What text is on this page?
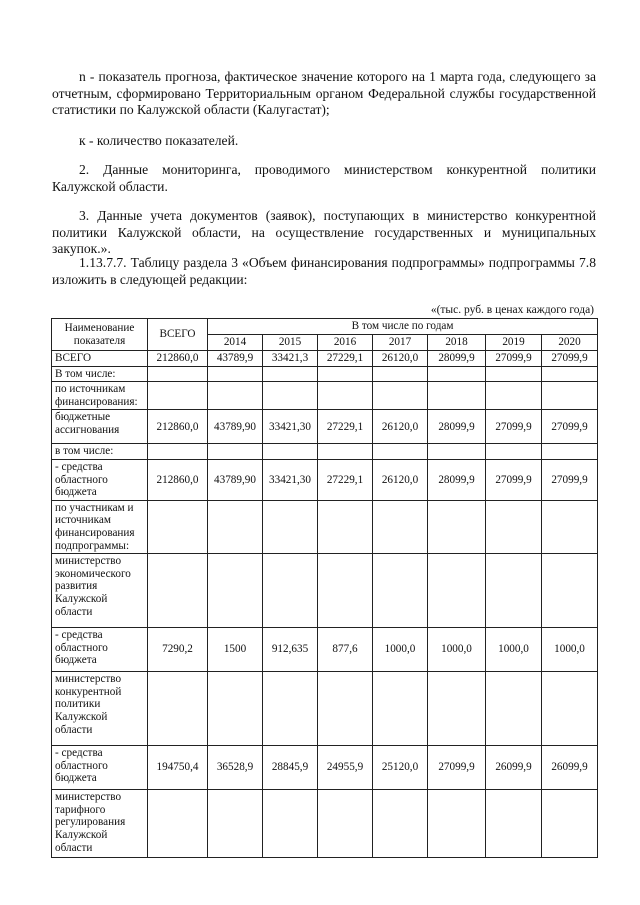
n - показатель прогноза, фактическое значение которого на 1 марта года, следующего за отчетным, сформировано Территориальным органом Федеральной службы государственной статистики по Калужской области (Калугастат);

к - количество показателей.

2. Данные мониторинга, проводимого министерством конкурентной политики Калужской области.

3. Данные учета документов (заявок), поступающих в министерство конкурентной политики Калужской области, на осуществление государственных и муниципальных закупок.».

1.13.7.7. Таблицу раздела 3 «Объем финансирования подпрограммы» подпрограммы 7.8 изложить в следующей редакции:

«(тыс. руб. в ценах каждого года)
Наименование показателя	ВСЕГО	В том числе по годам						
		2014	2015	2016	2017	2018	2019	2020
ВСЕГО	212860,0	43789,9	33421,3	27229,1	26120,0	28099,9	27099,9	27099,9
В том числе:								
по источникам финансирования:								
бюджетные ассигнования	212860,0	43789,90	33421,30	27229,1	26120,0	28099,9	27099,9	27099,9
в том числе:								
- средства областного бюджета	212860,0	43789,90	33421,30	27229,1	26120,0	28099,9	27099,9	27099,9
по участникам и источникам финансирования подпрограммы:								
министерство экономического развития Калужской области								
- средства областного бюджета	7290,2	1500	912,635	877,6	1000,0	1000,0	1000,0	1000,0
министерство конкурентной политики Калужской области								
- средства областного бюджета	194750,4	36528,9	28845,9	24955,9	25120,0	27099,9	26099,9	26099,9
министерство тарифного регулирования Калужской области								
